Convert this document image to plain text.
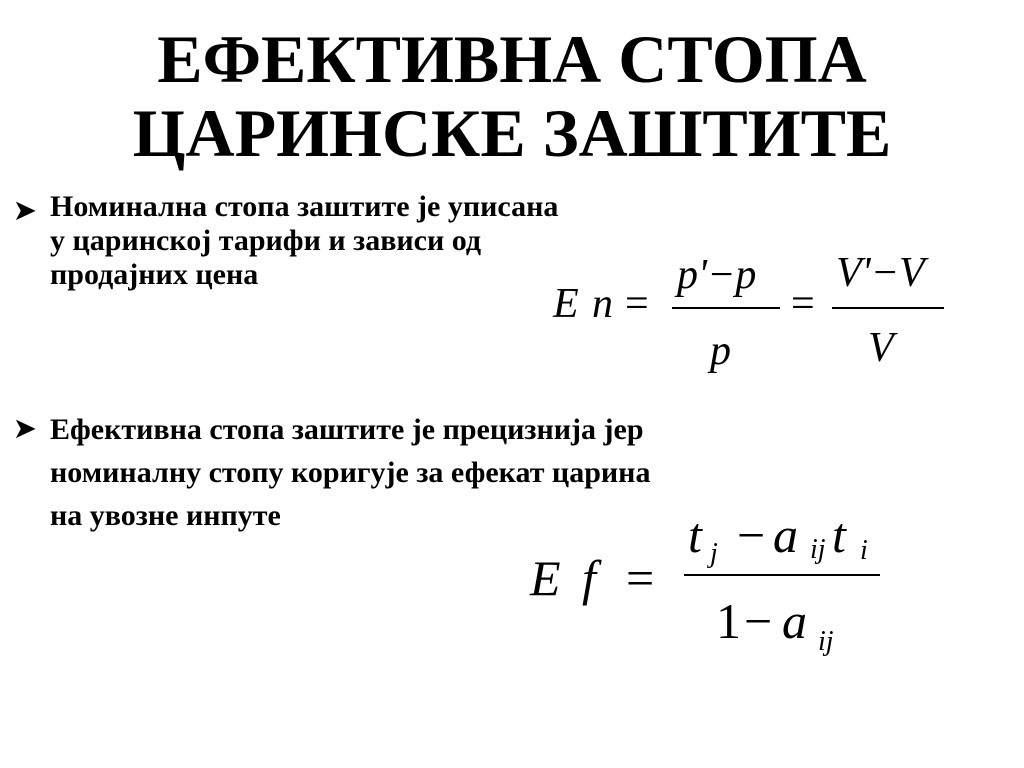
ЕФЕКТИВНА СТОПА
ЦАРИНСКЕ ЗАШТИТЕ
➤ Номинална стопа заштите је уписана
у царинској тарифи и зависи од
продајних цена
➤ Ефективна стопа заштите је прецизнија јер
номиналну стопу коригује за ефекат царина
на увозне инпуте
E n =
p'−p
p
=
V'−V
V
E f =
t j − a ij t i
1 − a ij
